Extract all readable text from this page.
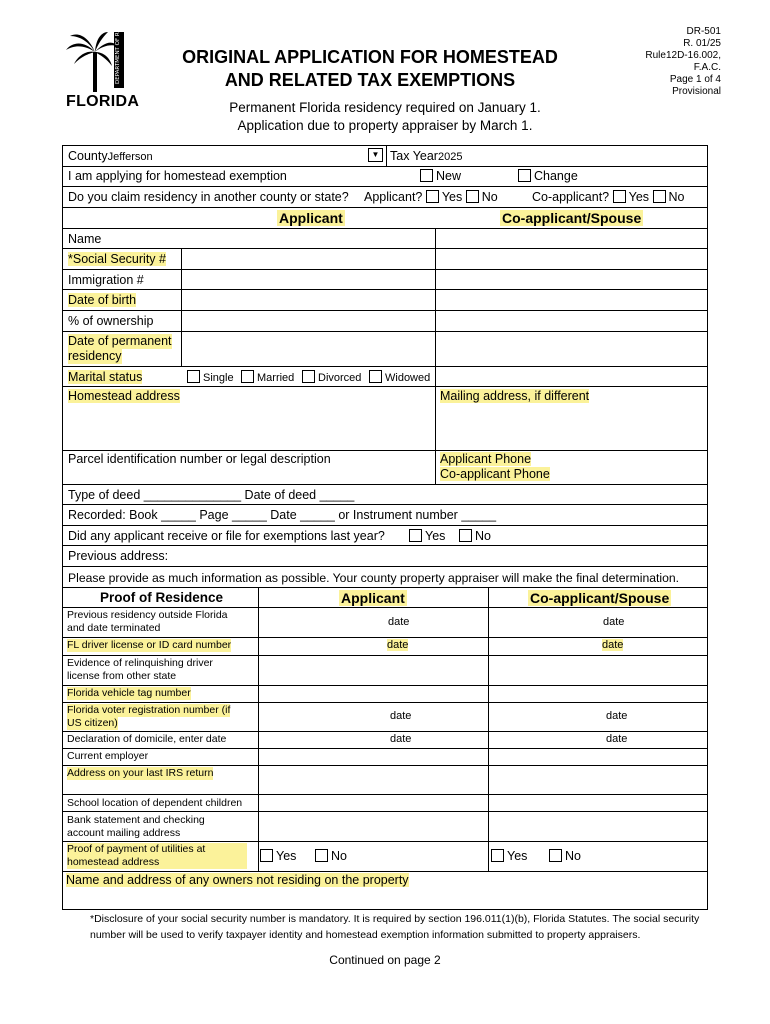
DEPARTMENT OF REVENUE
FLORIDA
ORIGINAL APPLICATION FOR HOMESTEAD
AND RELATED TAX EXEMPTIONS
DR-501
R. 01/25
Rule12D-16.002,
F.A.C.
Page 1 of 4
Provisional
Permanent Florida residency required on January 1.
Application due to property appraiser by March 1.
CountyJefferson	▼ Tax Year2025
I am applying for homestead exemption	New	Change
Do you claim residency in another county or state? Applicant? Yes No	Co-applicant? Yes No
Applicant	Co-applicant/Spouse
Name
*Social Security #
Immigration #
Date of birth
% of ownership
Date of permanent
residency
Marital status	Single	Married	Divorced	Widowed
Homestead address	Mailing address, if different
Parcel identification number or legal description	Applicant Phone
Co-applicant Phone
Type of deed ______________ Date of deed _____
Recorded: Book _____ Page _____ Date _____ or Instrument number _____
Did any applicant receive or file for exemptions last year?	Yes	No
Previous address:
Please provide as much information as possible. Your county property appraiser will make the final determination.
Proof of Residence	Applicant	Co-applicant/Spouse
Previous residency outside Florida
and date terminated	date	date
FL driver license or ID card number	date	date
Evidence of relinquishing driver
license from other state
Florida vehicle tag number
Florida voter registration number (if
US citizen)
date	date
Declaration of domicile, enter date	date	date
Current employer
Address on your last IRS return
School location of dependent children
Bank statement and checking
account mailing address
Proof of payment of utilities at
homestead address	Yes	No	Yes	No
Name and address of any owners not residing on the property
*Disclosure of your social security number is mandatory. It is required by section 196.011(1)(b), Florida Statutes. The social security number will be used to verify taxpayer identity and homestead exemption information submitted to property appraisers.
Continued on page 2
